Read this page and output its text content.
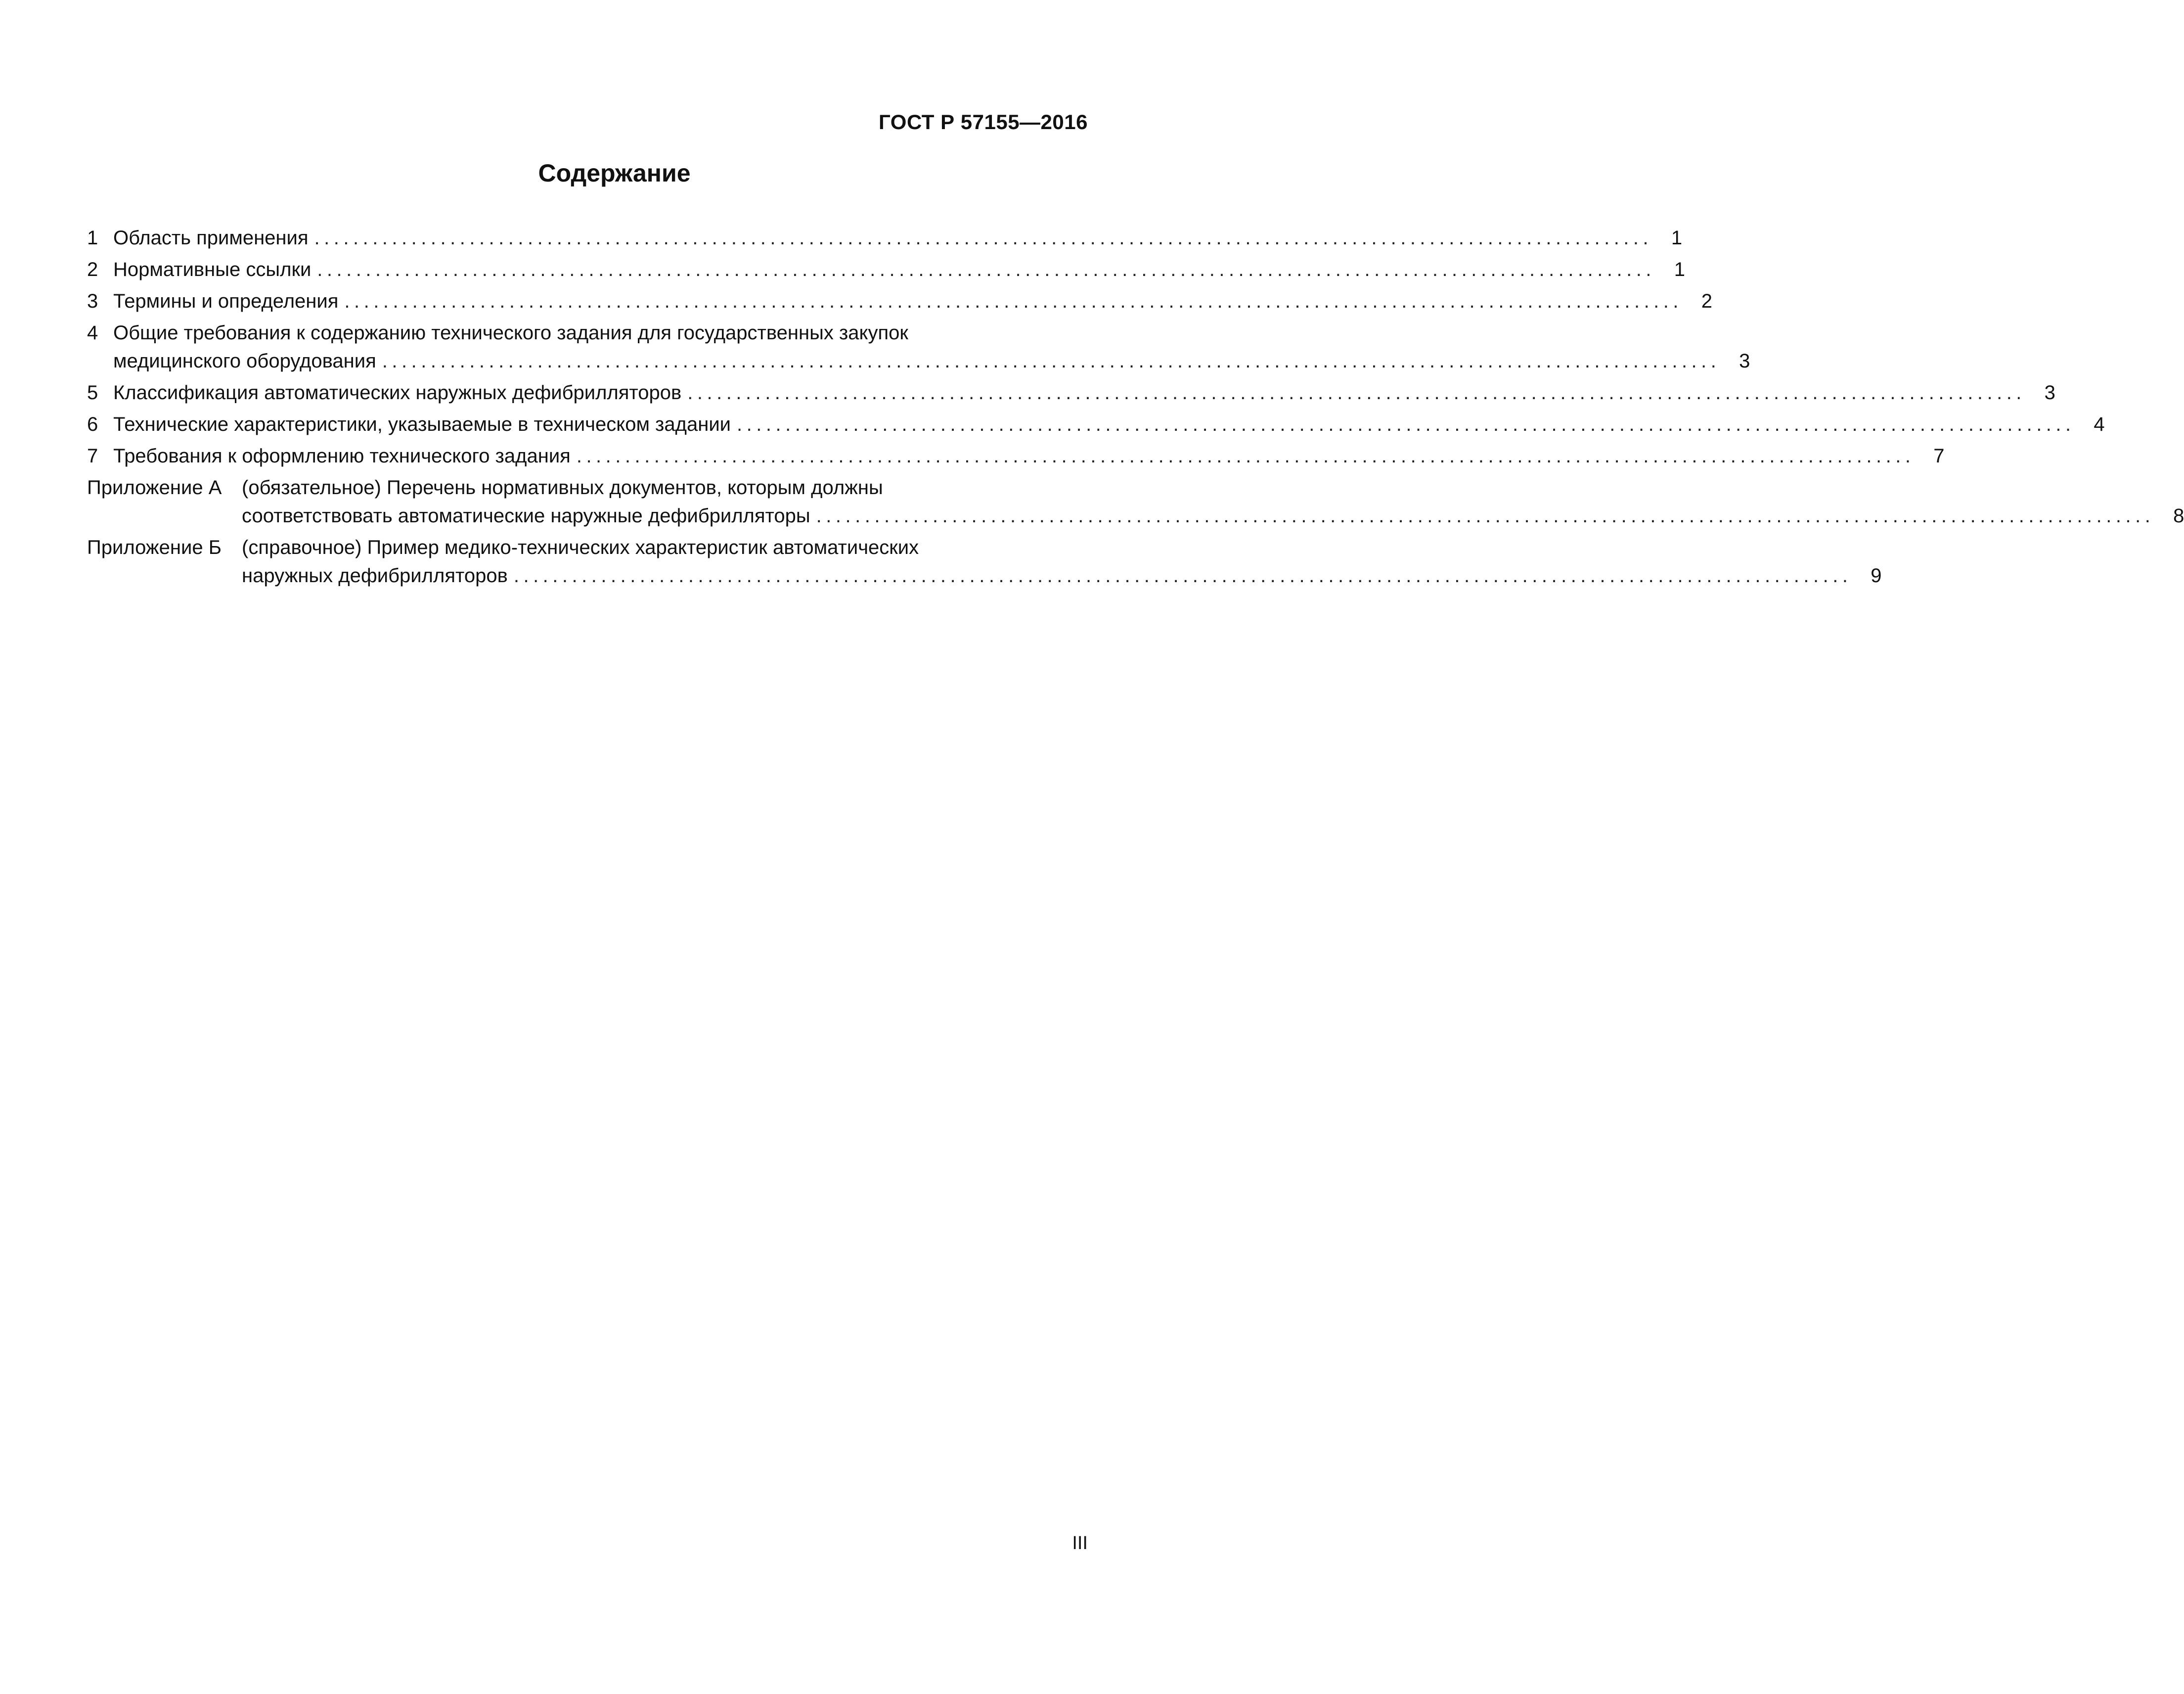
ГОСТ Р 57155—2016
Содержание
1 Область применения .......................................................................................................................................... 1
2 Нормативные ссылки .......................................................................................................................................... 1
3 Термины и определения .......................................................................................................................................... 2
4 Общие требования к содержанию технического задания для государственных закупок
медицинского оборудования .......................................................................................................................................... 3
5 Классификация автоматических наружных дефибрилляторов .......................................................................................................................................... 3
6 Технические характеристики, указываемые в техническом задании .......................................................................................................................................... 4
7 Требования к оформлению технического задания .......................................................................................................................................... 7
Приложение А	(обязательное) Перечень нормативных документов, которым должны
соответствовать автоматические наружные дефибрилляторы .......................................................................................................................................... 8
Приложение Б	(справочное) Пример медико-технических характеристик автоматических
наружных дефибрилляторов .......................................................................................................................................... 9
III
